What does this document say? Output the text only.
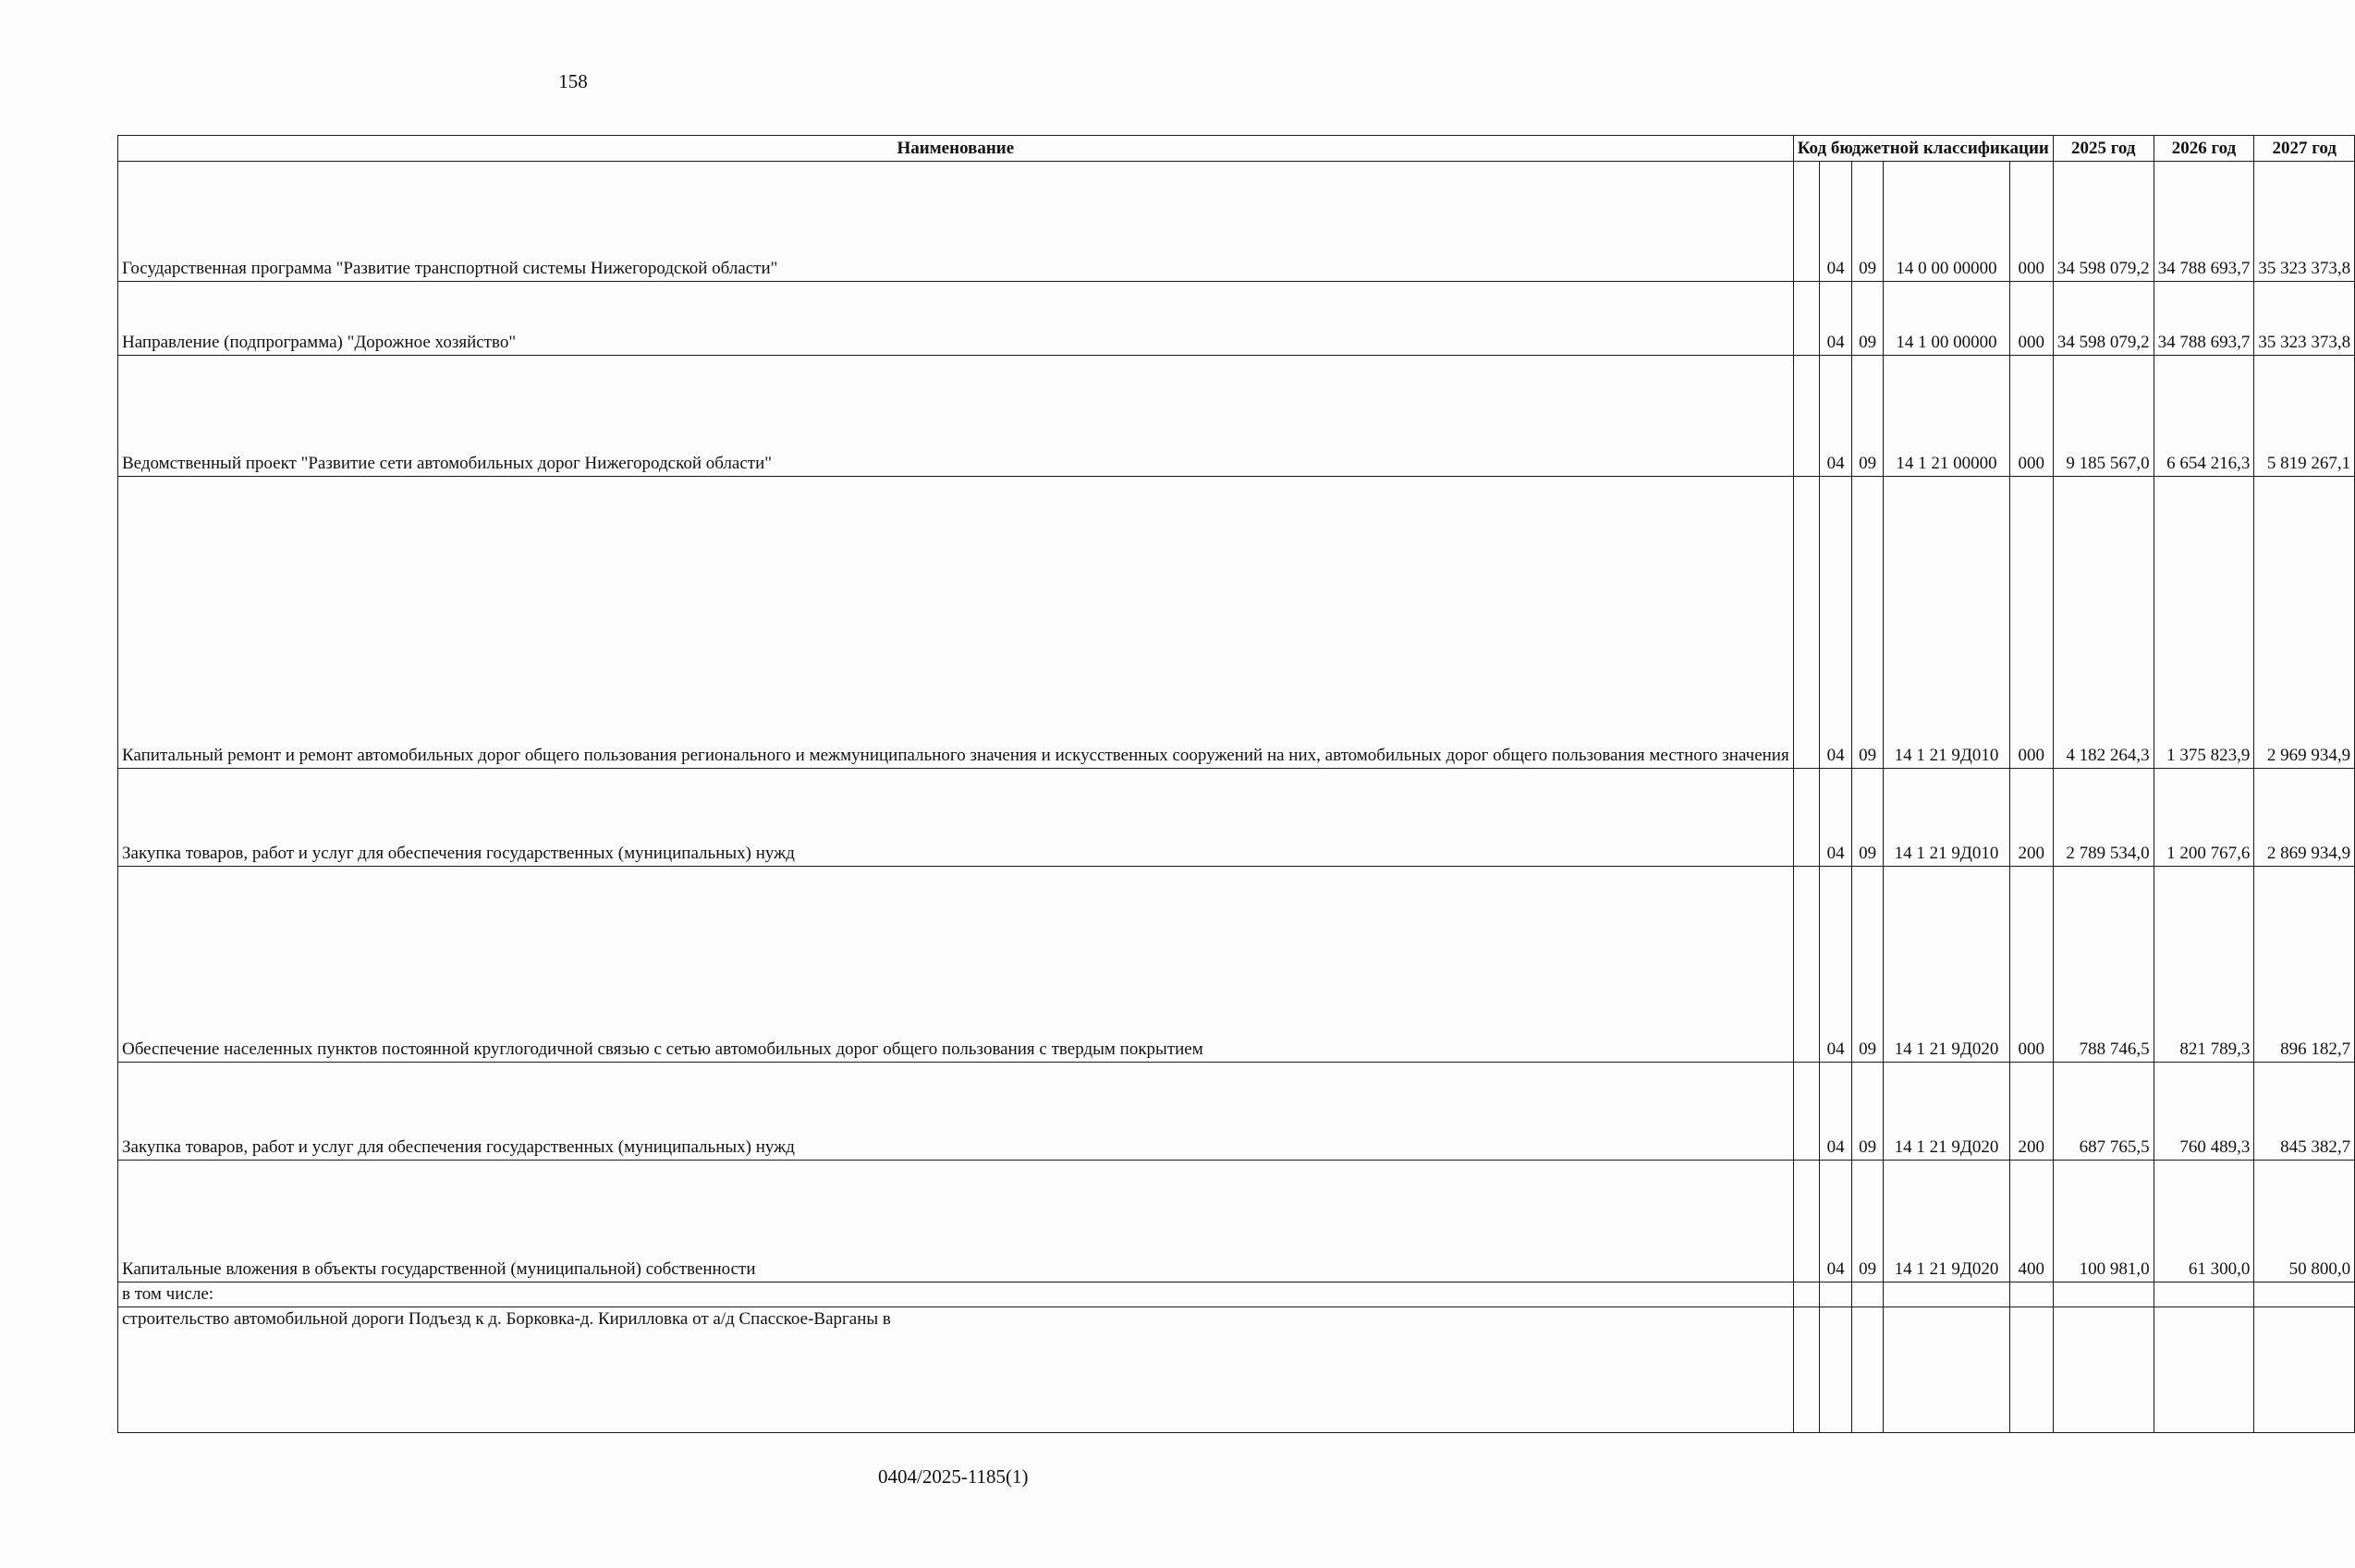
158
Наименование	Код бюджетной классификации					2025 год	2026 год	2027 год
Государственная программа "Развитие транспортной системы Нижегородской области"		04	09	14 0 00 00000	000	34 598 079,2	34 788 693,7	35 323 373,8
Направление (подпрограмма) "Дорожное хозяйство"		04	09	14 1 00 00000	000	34 598 079,2	34 788 693,7	35 323 373,8
Ведомственный проект "Развитие сети автомобильных дорог Нижегородской области"		04	09	14 1 21 00000	000	9 185 567,0	6 654 216,3	5 819 267,1
Капитальный ремонт и ремонт автомобильных дорог общего пользования регионального и межмуниципального значения и искусственных сооружений на них, автомобильных дорог общего пользования местного значения		04	09	14 1 21 9Д010	000	4 182 264,3	1 375 823,9	2 969 934,9
Закупка товаров, работ и услуг для обеспечения государственных (муниципальных) нужд		04	09	14 1 21 9Д010	200	2 789 534,0	1 200 767,6	2 869 934,9
Обеспечение населенных пунктов постоянной круглогодичной связью с сетью автомобильных дорог общего пользования с твердым покрытием		04	09	14 1 21 9Д020	000	788 746,5	821 789,3	896 182,7
Закупка товаров, работ и услуг для обеспечения государственных (муниципальных) нужд		04	09	14 1 21 9Д020	200	687 765,5	760 489,3	845 382,7
Капитальные вложения в объекты государственной (муниципальной) собственности		04	09	14 1 21 9Д020	400	100 981,0	61 300,0	50 800,0
в том числе:								
строительство автомобильной дороги Подъезд к д. Борковка-д. Кирилловка от а/д Спасское-Варганы в								
0404/2025-1185(1)
